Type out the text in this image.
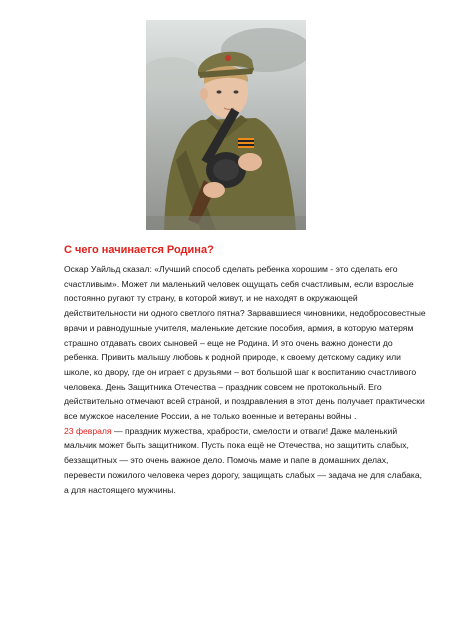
С чего начинается Родина?

Оскар Уайльд сказал: «Лучший способ сделать ребенка хорошим - это сделать его счастливым». Может ли маленький человек ощущать себя счастливым, если взрослые постоянно ругают ту страну, в которой живут, и не находят в окружающей действительности ни одного светлого пятна? Зарвавшиеся чиновники, недобросовестные врачи и равнодушные учителя, маленькие детские пособия, армия, в которую матерям страшно отдавать своих сыновей – еще не Родина. И это очень важно донести до ребенка. Привить малышу любовь к родной природе, к своему детскому садику или школе, ко двору, где он играет с друзьями – вот большой шаг к воспитанию счастливого человека. День Защитника Отечества – праздник совсем не протокольный. Его действительно отмечают всей страной, и поздравления в этот день получает практически все мужское население России, а не только военные и ветераны войны .

23 февраля — праздник мужества, храбрости, смелости и отваги! Даже маленький мальчик может быть защитником. Пусть пока ещё не Отечества, но защитить слабых, беззащитных — это очень важное дело. Помочь маме и папе в домашних делах, перевести пожилого человека через дорогу, защищать слабых — задача не для слабака, а для настоящего мужчины.
